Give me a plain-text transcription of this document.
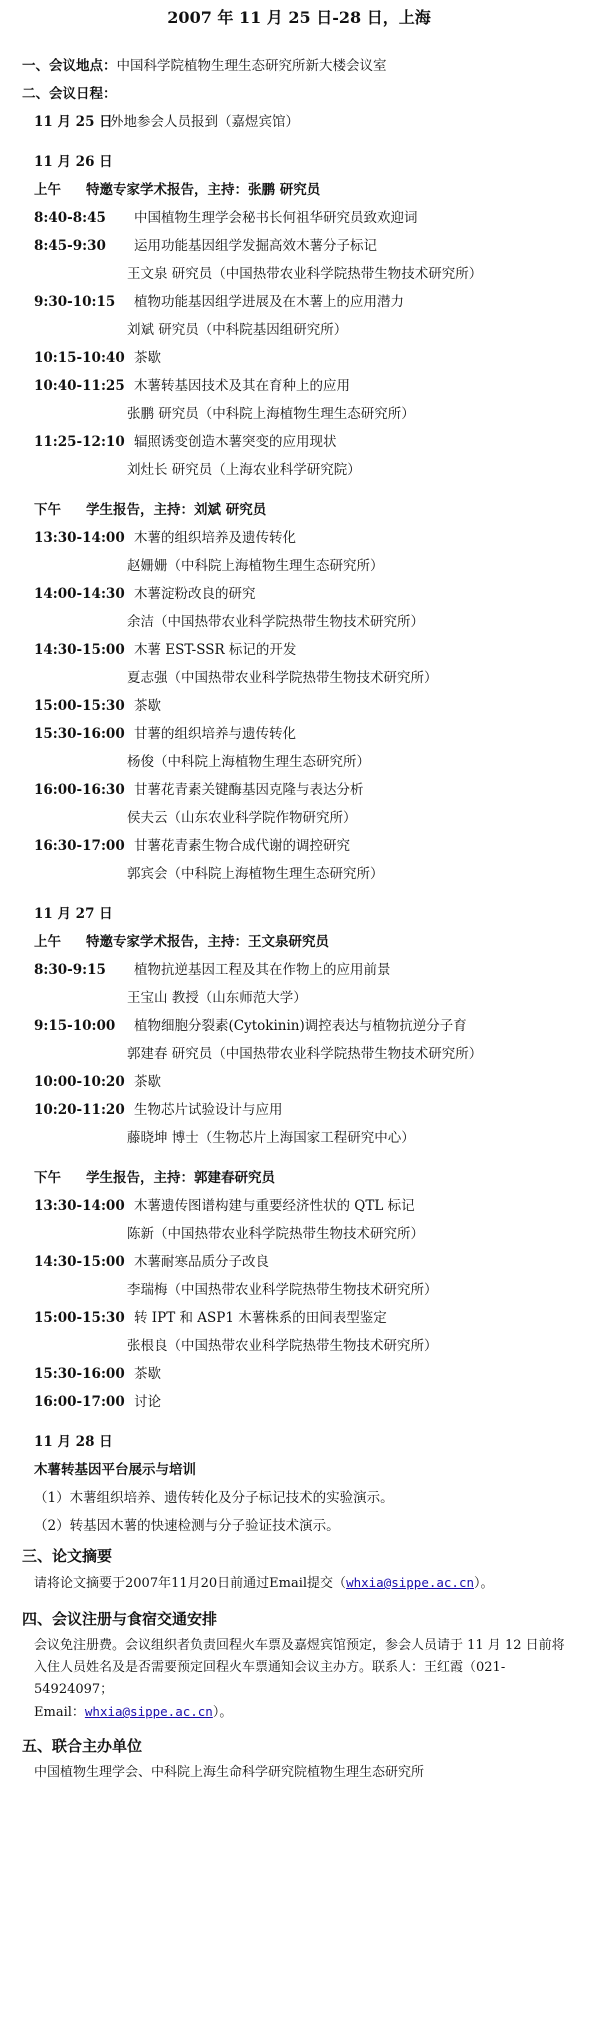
2007 年 11 月 25 日-28 日，上海
一、会议地点：中国科学院植物生理生态研究所新大楼会议室
二、会议日程：
11 月 25 日外地参会人员报到（嘉煜宾馆）
11 月 26 日
上午 特邀专家学术报告，主持：张鹏 研究员
8:40-8:45 中国植物生理学会秘书长何祖华研究员致欢迎词
8:45-9:30 运用功能基因组学发掘高效木薯分子标记
王文泉 研究员（中国热带农业科学院热带生物技术研究所）
9:30-10:15 植物功能基因组学进展及在木薯上的应用潜力
刘斌 研究员（中科院基因组研究所）
10:15-10:40 茶歇
10:40-11:25 木薯转基因技术及其在育种上的应用
张鹏 研究员（中科院上海植物生理生态研究所）
11:25-12:10 辐照诱变创造木薯突变的应用现状
刘灶长 研究员（上海农业科学研究院）
下午 学生报告，主持：刘斌 研究员
13:30-14:00 木薯的组织培养及遗传转化
赵姗姗（中科院上海植物生理生态研究所）
14:00-14:30 木薯淀粉改良的研究
余洁（中国热带农业科学院热带生物技术研究所）
14:30-15:00 木薯 EST-SSR 标记的开发
夏志强（中国热带农业科学院热带生物技术研究所）
15:00-15:30 茶歇
15:30-16:00 甘薯的组织培养与遗传转化
杨俊（中科院上海植物生理生态研究所）
16:00-16:30 甘薯花青素关键酶基因克隆与表达分析
侯夫云（山东农业科学院作物研究所）
16:30-17:00 甘薯花青素生物合成代谢的调控研究
郭宾会（中科院上海植物生理生态研究所）
11 月 27 日
上午 特邀专家学术报告，主持：王文泉研究员
8:30-9:15 植物抗逆基因工程及其在作物上的应用前景
王宝山 教授（山东师范大学）
9:15-10:00 植物细胞分裂素(Cytokinin)调控表达与植物抗逆分子育
郭建春 研究员（中国热带农业科学院热带生物技术研究所）
10:00-10:20 茶歇
10:20-11:20 生物芯片试验设计与应用
藤晓坤 博士（生物芯片上海国家工程研究中心）
下午 学生报告，主持：郭建春研究员
13:30-14:00 木薯遗传图谱构建与重要经济性状的 QTL 标记
陈新（中国热带农业科学院热带生物技术研究所）
14:30-15:00 木薯耐寒品质分子改良
李瑞梅（中国热带农业科学院热带生物技术研究所）
15:00-15:30 转 IPT 和 ASP1 木薯株系的田间表型鉴定
张根良（中国热带农业科学院热带生物技术研究所）
15:30-16:00 茶歇
16:00-17:00 讨论
11 月 28 日
木薯转基因平台展示与培训
（1）木薯组织培养、遗传转化及分子标记技术的实验演示。
（2）转基因木薯的快速检测与分子验证技术演示。
三、论文摘要
请将论文摘要于2007年11月20日前通过Email提交（whxia@sippe.ac.cn）。
四、会议注册与食宿交通安排
会议免注册费。会议组织者负责回程火车票及嘉煜宾馆预定，参会人员请于 11 月 12 日前将入住人员姓名及是否需要预定回程火车票通知会议主办方。联系人：王红霞（021-54924097；
Email：whxia@sippe.ac.cn）。
五、联合主办单位
中国植物生理学会、中科院上海生命科学研究院植物生理生态研究所
